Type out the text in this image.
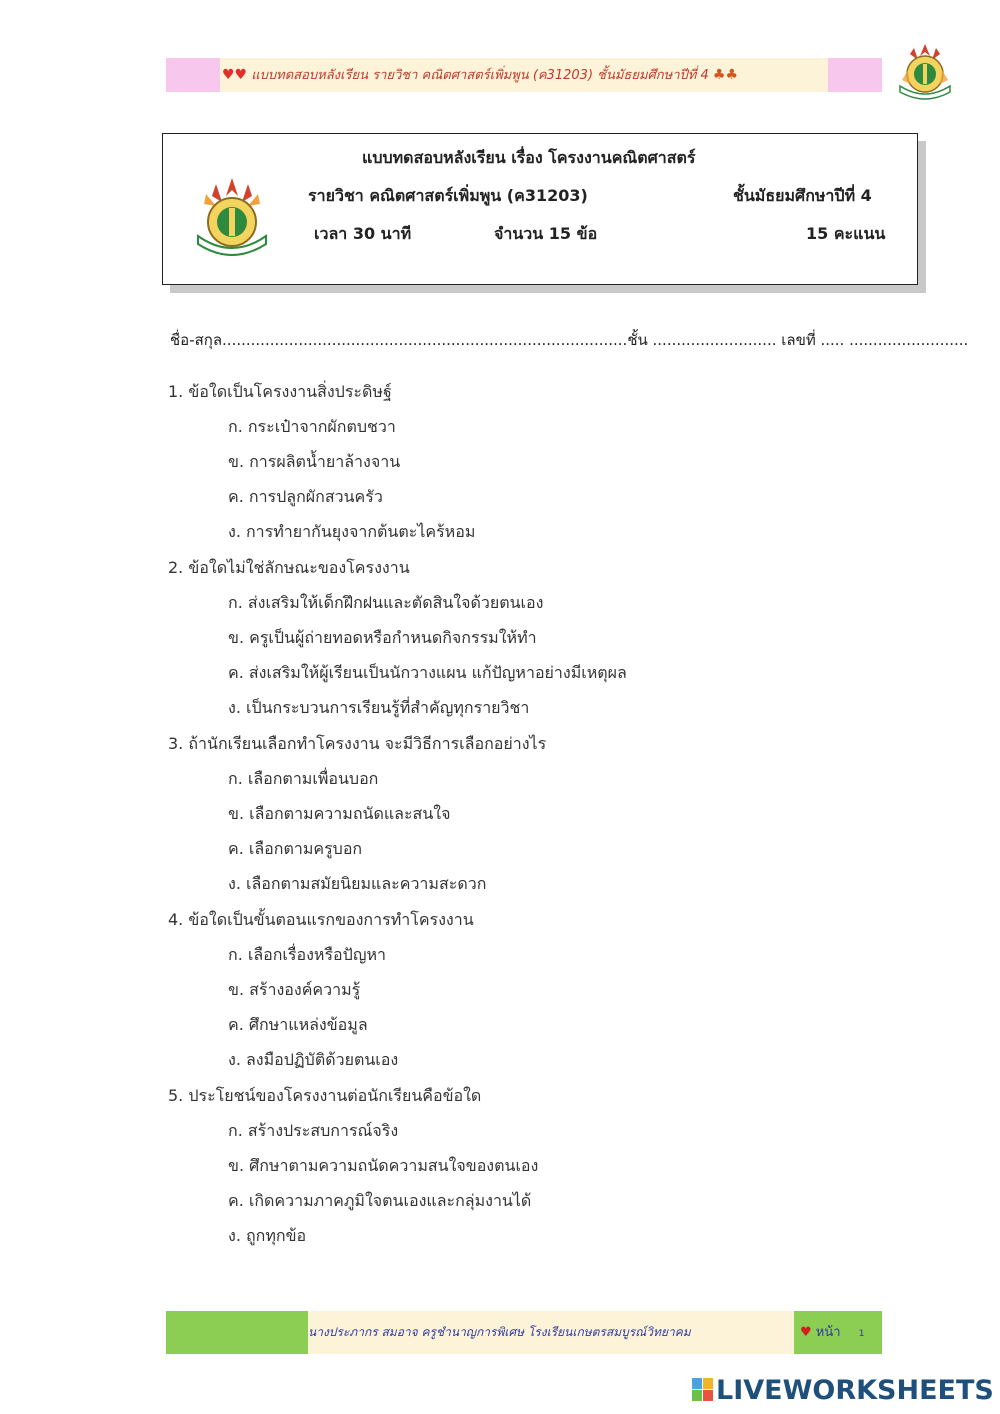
♥♥ แบบทดสอบหลังเรียน รายวิชา คณิตศาสตร์เพิ่มพูน (ค31203) ชั้นมัธยมศึกษาปีที่ 4 ♣♣
แบบทดสอบหลังเรียน เรื่อง โครงงานคณิตศาสตร์
รายวิชา คณิตศาสตร์เพิ่มพูน (ค31203)	ชั้นมัธยมศึกษาปีที่ 4
เวลา 30 นาที	จำนวน 15 ข้อ	15 คะแนน
ชื่อ-สกุล.....................................................................................ชั้น .......................... เลขที่ ..... .........................
1. ข้อใดเป็นโครงงานสิ่งประดิษฐ์
ก. กระเป๋าจากผักตบชวา
ข. การผลิตน้ำยาล้างจาน
ค. การปลูกผักสวนครัว
ง. การทำยากันยุงจากต้นตะไคร้หอม
2. ข้อใดไม่ใช่ลักษณะของโครงงาน
ก. ส่งเสริมให้เด็กฝึกฝนและตัดสินใจด้วยตนเอง
ข. ครูเป็นผู้ถ่ายทอดหรือกำหนดกิจกรรมให้ทำ
ค. ส่งเสริมให้ผู้เรียนเป็นนักวางแผน แก้ปัญหาอย่างมีเหตุผล
ง. เป็นกระบวนการเรียนรู้ที่สำคัญทุกรายวิชา
3. ถ้านักเรียนเลือกทำโครงงาน จะมีวิธีการเลือกอย่างไร
ก. เลือกตามเพื่อนบอก
ข. เลือกตามความถนัดและสนใจ
ค. เลือกตามครูบอก
ง. เลือกตามสมัยนิยมและความสะดวก
4. ข้อใดเป็นขั้นตอนแรกของการทำโครงงาน
ก. เลือกเรื่องหรือปัญหา
ข. สร้างองค์ความรู้
ค. ศึกษาแหล่งข้อมูล
ง. ลงมือปฏิบัติด้วยตนเอง
5. ประโยชน์ของโครงงานต่อนักเรียนคือข้อใด
ก. สร้างประสบการณ์จริง
ข. ศึกษาตามความถนัดความสนใจของตนเอง
ค. เกิดความภาคภูมิใจตนเองและกลุ่มงานได้
ง. ถูกทุกข้อ
นางประภากร สมอาจ ครูชำนาญการพิเศษ โรงเรียนเกษตรสมบูรณ์วิทยาคม	♥ หน้า 1
LIVEWORKSHEETS
